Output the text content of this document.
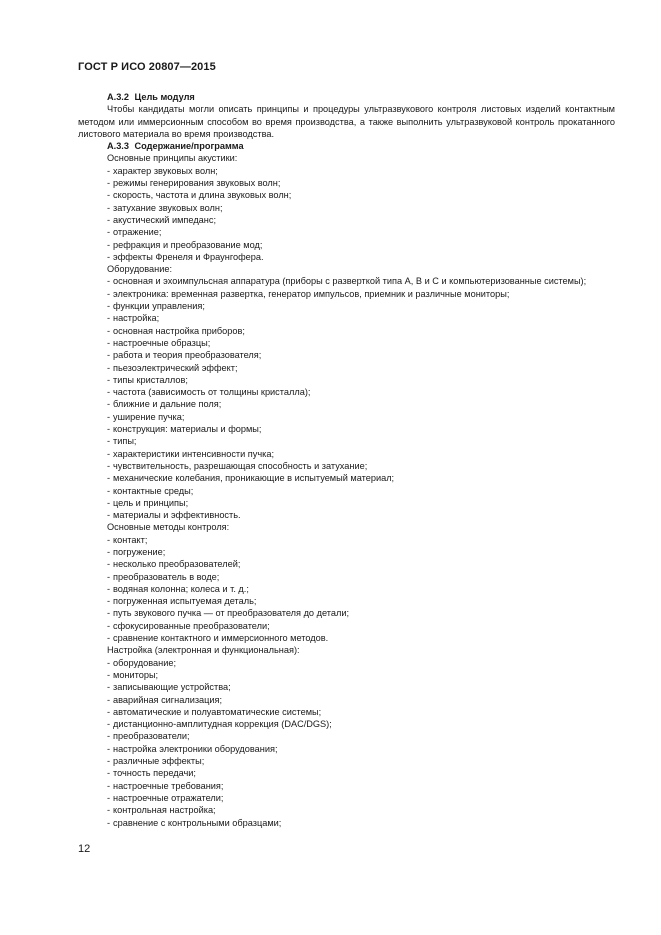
ГОСТ Р ИСО 20807—2015
А.3.2 Цель модуля
Чтобы кандидаты могли описать принципы и процедуры ультразвукового контроля листовых изделий контактным методом или иммерсионным способом во время производства, а также выполнить ультразвуковой контроль прокатанного листового материала во время производства.
А.3.3 Содержание/программа
Основные принципы акустики:
- характер звуковых волн;
- режимы генерирования звуковых волн;
- скорость, частота и длина звуковых волн;
- затухание звуковых волн;
- акустический импеданс;
- отражение;
- рефракция и преобразование мод;
- эффекты Френеля и Фраунгофера.
Оборудование:
- основная и эхоимпульсная аппаратура (приборы с разверткой типа А, В и С и компьютеризованные системы);
- электроника: временная развертка, генератор импульсов, приемник и различные мониторы;
- функции управления;
- настройка;
- основная настройка приборов;
- настроечные образцы;
- работа и теория преобразователя;
- пьезоэлектрический эффект;
- типы кристаллов;
- частота (зависимость от толщины кристалла);
- ближние и дальние поля;
- уширение пучка;
- конструкция: материалы и формы;
- типы;
- характеристики интенсивности пучка;
- чувствительность, разрешающая способность и затухание;
- механические колебания, проникающие в испытуемый материал;
- контактные среды;
- цель и принципы;
- материалы и эффективность.
Основные методы контроля:
- контакт;
- погружение;
- несколько преобразователей;
- преобразователь в воде;
- водяная колонна; колеса и т. д.;
- погруженная испытуемая деталь;
- путь звукового пучка — от преобразователя до детали;
- сфокусированные преобразователи;
- сравнение контактного и иммерсионного методов.
Настройка (электронная и функциональная):
- оборудование;
- мониторы;
- записывающие устройства;
- аварийная сигнализация;
- автоматические и полуавтоматические системы;
- дистанционно-амплитудная коррекция (DAC/DGS);
- преобразователи;
- настройка электроники оборудования;
- различные эффекты;
- точность передачи;
- настроечные требования;
- настроечные отражатели;
- контрольная настройка;
- сравнение с контрольными образцами;
12
